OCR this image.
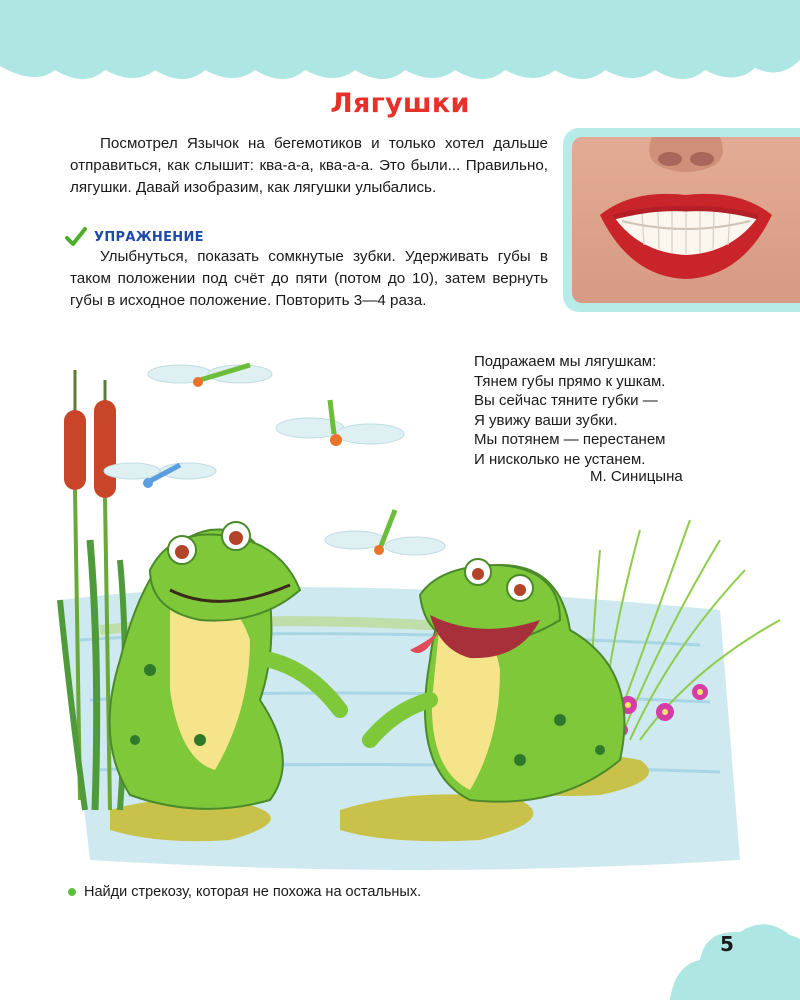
Лягушки

Посмотрел Язычок на бегемотиков и только хотел дальше отправиться, как слышит: ква-а-а, ква-а-а. Это были... Правильно, лягушки. Давай изобразим, как лягушки улыбались.

УПРАЖНЕНИЕ

Улыбнуться, показать сомкнутые зубки. Удерживать губы в таком положении под счёт до пяти (потом до 10), затем вернуть губы в исходное положение. Повторить 3—4 раза.

Подражаем мы лягушкам:
Тянем губы прямо к ушкам.
Вы сейчас тяните губки —
Я увижу ваши зубки.
Мы потянем — перестанем
И нисколько не устанем.
М. Синицына
Найди стрекозу, которая не похожа на остальных.
5
